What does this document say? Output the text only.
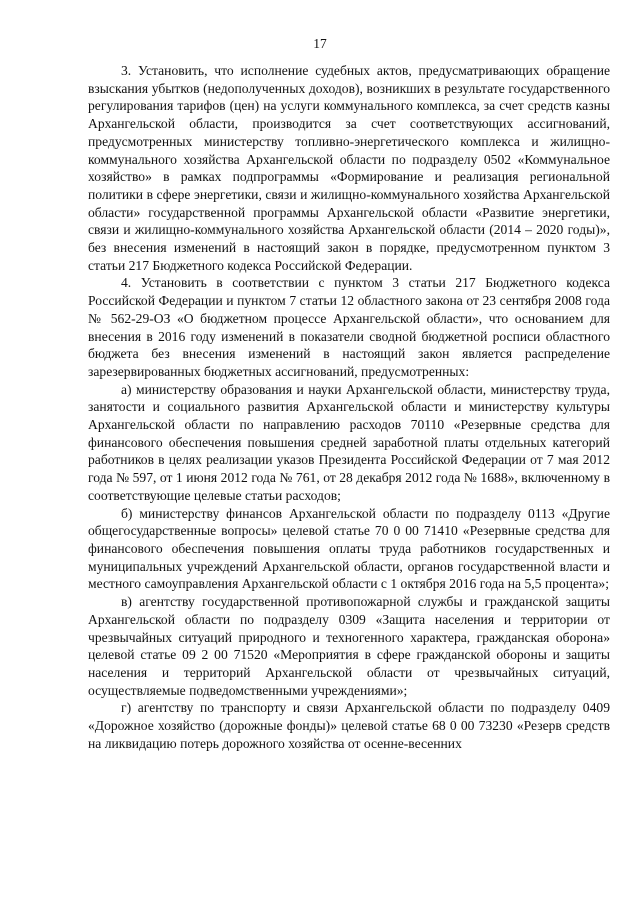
17

3. Установить, что исполнение судебных актов, предусматривающих обращение взыскания убытков (недополученных доходов), возникших в результате государственного регулирования тарифов (цен) на услуги коммунального комплекса, за счет средств казны Архангельской области, производится за счет соответствующих ассигнований, предусмотренных министерству топливно-энергетического комплекса и жилищно-коммунального хозяйства Архангельской области по подразделу 0502 «Коммунальное хозяйство» в рамках подпрограммы «Формирование и реализация региональной политики в сфере энергетики, связи и жилищно-коммунального хозяйства Архангельской области» государственной программы Архангельской области «Развитие энергетики, связи и жилищно-коммунального хозяйства Архангельской области (2014 – 2020 годы)», без внесения изменений в настоящий закон в порядке, предусмотренном пунктом 3 статьи 217 Бюджетного кодекса Российской Федерации.

4. Установить в соответствии с пунктом 3 статьи 217 Бюджетного кодекса Российской Федерации и пунктом 7 статьи 12 областного закона от 23 сентября 2008 года № 562-29-ОЗ «О бюджетном процессе Архангельской области», что основанием для внесения в 2016 году изменений в показатели сводной бюджетной росписи областного бюджета без внесения изменений в настоящий закон является распределение зарезервированных бюджетных ассигнований, предусмотренных:

а) министерству образования и науки Архангельской области, министерству труда, занятости и социального развития Архангельской области и министерству культуры Архангельской области по направлению расходов 70110 «Резервные средства для финансового обеспечения повышения средней заработной платы отдельных категорий работников в целях реализации указов Президента Российской Федерации от 7 мая 2012 года № 597, от 1 июня 2012 года № 761, от 28 декабря 2012 года № 1688», включенному в соответствующие целевые статьи расходов;

б) министерству финансов Архангельской области по подразделу 0113 «Другие общегосударственные вопросы» целевой статье 70 0 00 71410 «Резервные средства для финансового обеспечения повышения оплаты труда работников государственных и муниципальных учреждений Архангельской области, органов государственной власти и местного самоуправления Архангельской области с 1 октября 2016 года на 5,5 процента»;

в) агентству государственной противопожарной службы и гражданской защиты Архангельской области по подразделу 0309 «Защита населения и территории от чрезвычайных ситуаций природного и техногенного характера, гражданская оборона» целевой статье 09 2 00 71520 «Мероприятия в сфере гражданской обороны и защиты населения и территорий Архангельской области от чрезвычайных ситуаций, осуществляемые подведомственными учреждениями»;

г) агентству по транспорту и связи Архангельской области по подразделу 0409 «Дорожное хозяйство (дорожные фонды)» целевой статье 68 0 00 73230 «Резерв средств на ликвидацию потерь дорожного хозяйства от осенне-весенних
